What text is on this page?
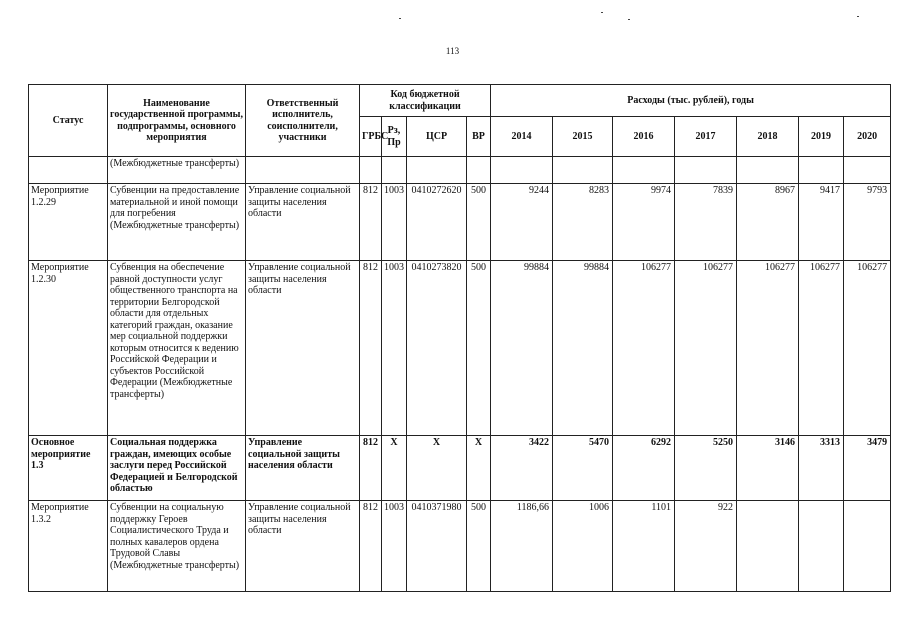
113
Статус	Наименование государственной программы, подпрограммы, основного мероприятия	Ответственный исполнитель, соисполнители, участники	Код бюджетной классификации				Расходы (тыс. рублей), годы						
			ГРБС	Рз, Пр	ЦСР	ВР	2014	2015	2016	2017	2018	2019	2020
	(Межбюджетные трансферты)												
Мероприятие 1.2.29	Субвенции на предоставление материальной и иной помощи для погребения (Межбюджетные трансферты)	Управление социальной защиты населения области	812	1003	0410272620	500	9244	8283	9974	7839	8967	9417	9793
Мероприятие 1.2.30	Субвенция на обеспечение равной доступности услуг общественного транспорта на территории Белгородской области для отдельных категорий граждан, оказание мер социальной поддержки которым относится к ведению Российской Федерации и субъектов Российской Федерации (Межбюджетные трансферты)	Управление социальной защиты населения области	812	1003	0410273820	500	99884	99884	106277	106277	106277	106277	106277
Основное мероприятие 1.3	Социальная поддержка граждан, имеющих особые заслуги перед Российской Федерацией и Белгородской областью	Управление социальной защиты населения области	812	X	X	X	3422	5470	6292	5250	3146	3313	3479
Мероприятие 1.3.2	Субвенции на социальную поддержку Героев Социалистического Труда и полных кавалеров ордена Трудовой Славы (Межбюджетные трансферты)	Управление социальной защиты населения области	812	1003	0410371980	500	1186,66	1006	1101	922			
